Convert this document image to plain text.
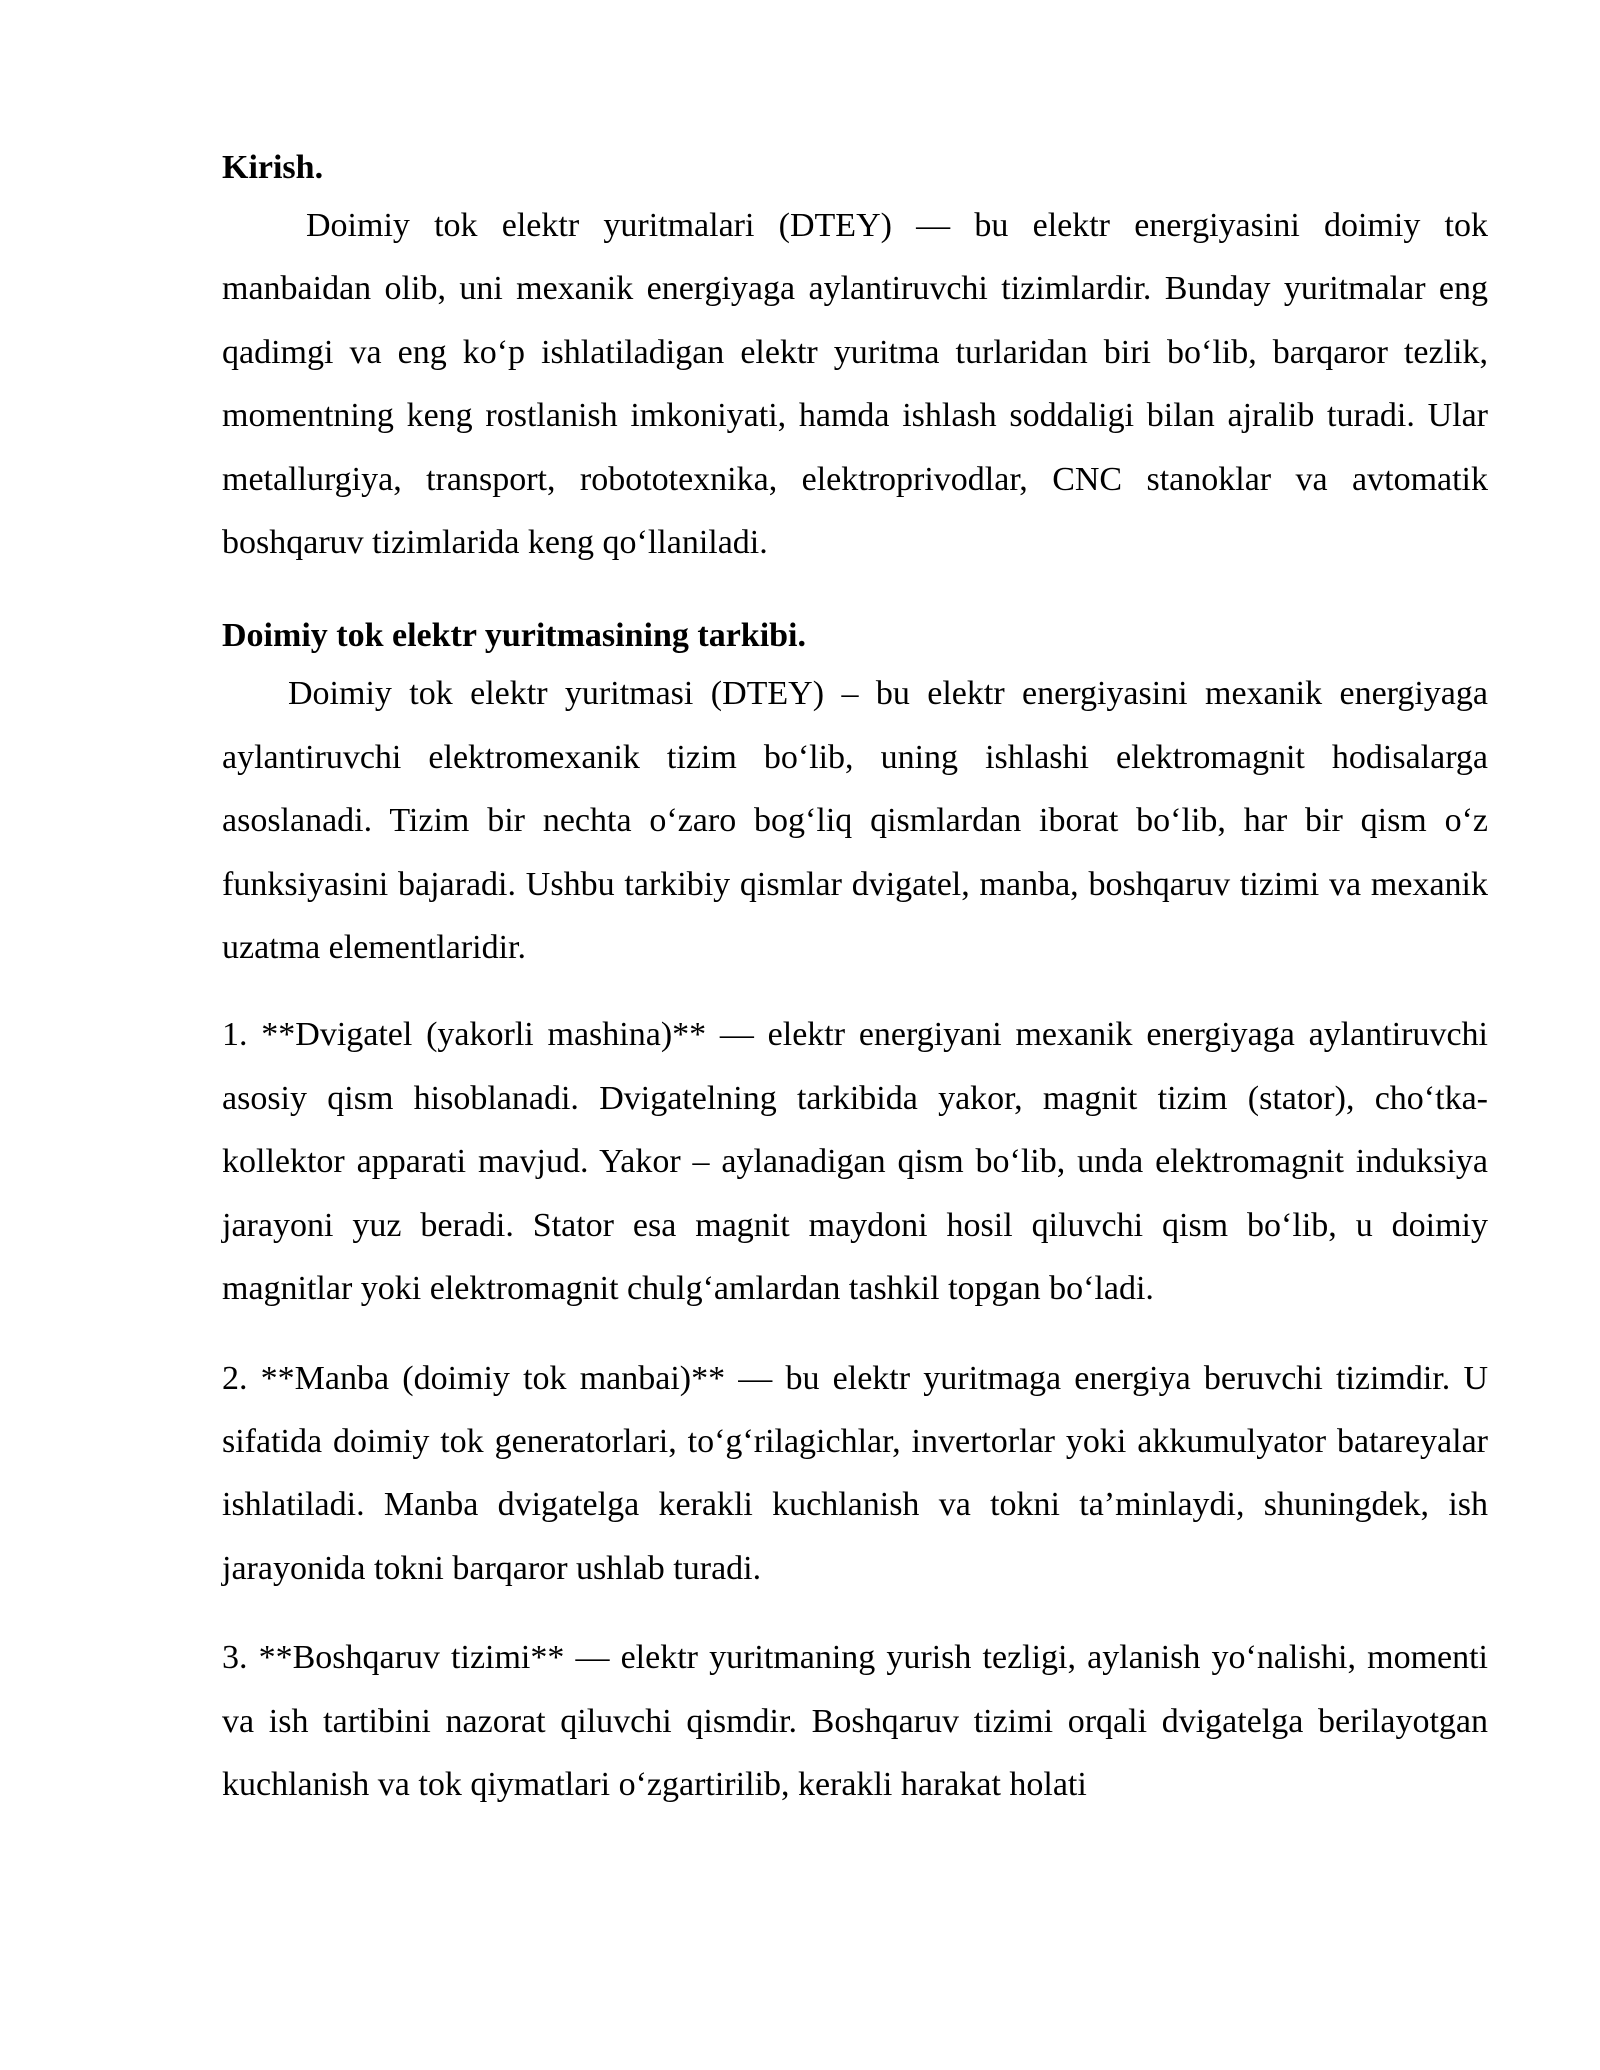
Kirish.

Doimiy tok elektr yuritmalari (DTEY) — bu elektr energiyasini doimiy tok manbaidan olib, uni mexanik energiyaga aylantiruvchi tizimlardir. Bunday yuritmalar eng qadimgi va eng ko‘p ishlatiladigan elektr yuritma turlaridan biri bo‘lib, barqaror tezlik, momentning keng rostlanish imkoniyati, hamda ishlash soddaligi bilan ajralib turadi. Ular metallurgiya, transport, robototexnika, elektroprivodlar, CNC stanoklar va avtomatik boshqaruv tizimlarida keng qo‘llaniladi.

Doimiy tok elektr yuritmasining tarkibi.

Doimiy tok elektr yuritmasi (DTEY) – bu elektr energiyasini mexanik energiyaga aylantiruvchi elektromexanik tizim bo‘lib, uning ishlashi elektromagnit hodisalarga asoslanadi. Tizim bir nechta o‘zaro bog‘liq qismlardan iborat bo‘lib, har bir qism o‘z funksiyasini bajaradi. Ushbu tarkibiy qismlar dvigatel, manba, boshqaruv tizimi va mexanik uzatma elementlaridir.

1. **Dvigatel (yakorli mashina)** — elektr energiyani mexanik energiyaga aylantiruvchi asosiy qism hisoblanadi. Dvigatelning tarkibida yakor, magnit tizim (stator), cho‘tka-kollektor apparati mavjud. Yakor – aylanadigan qism bo‘lib, unda elektromagnit induksiya jarayoni yuz beradi. Stator esa magnit maydoni hosil qiluvchi qism bo‘lib, u doimiy magnitlar yoki elektromagnit chulg‘amlardan tashkil topgan bo‘ladi.

2. **Manba (doimiy tok manbai)** — bu elektr yuritmaga energiya beruvchi tizimdir. U sifatida doimiy tok generatorlari, to‘g‘rilagichlar, invertorlar yoki akkumulyator batareyalar ishlatiladi. Manba dvigatelga kerakli kuchlanish va tokni ta’minlaydi, shuningdek, ish jarayonida tokni barqaror ushlab turadi.

3. **Boshqaruv tizimi** — elektr yuritmaning yurish tezligi, aylanish yo‘nalishi, momenti va ish tartibini nazorat qiluvchi qismdir. Boshqaruv tizimi orqali dvigatelga berilayotgan kuchlanish va tok qiymatlari o‘zgartirilib, kerakli harakat holati
